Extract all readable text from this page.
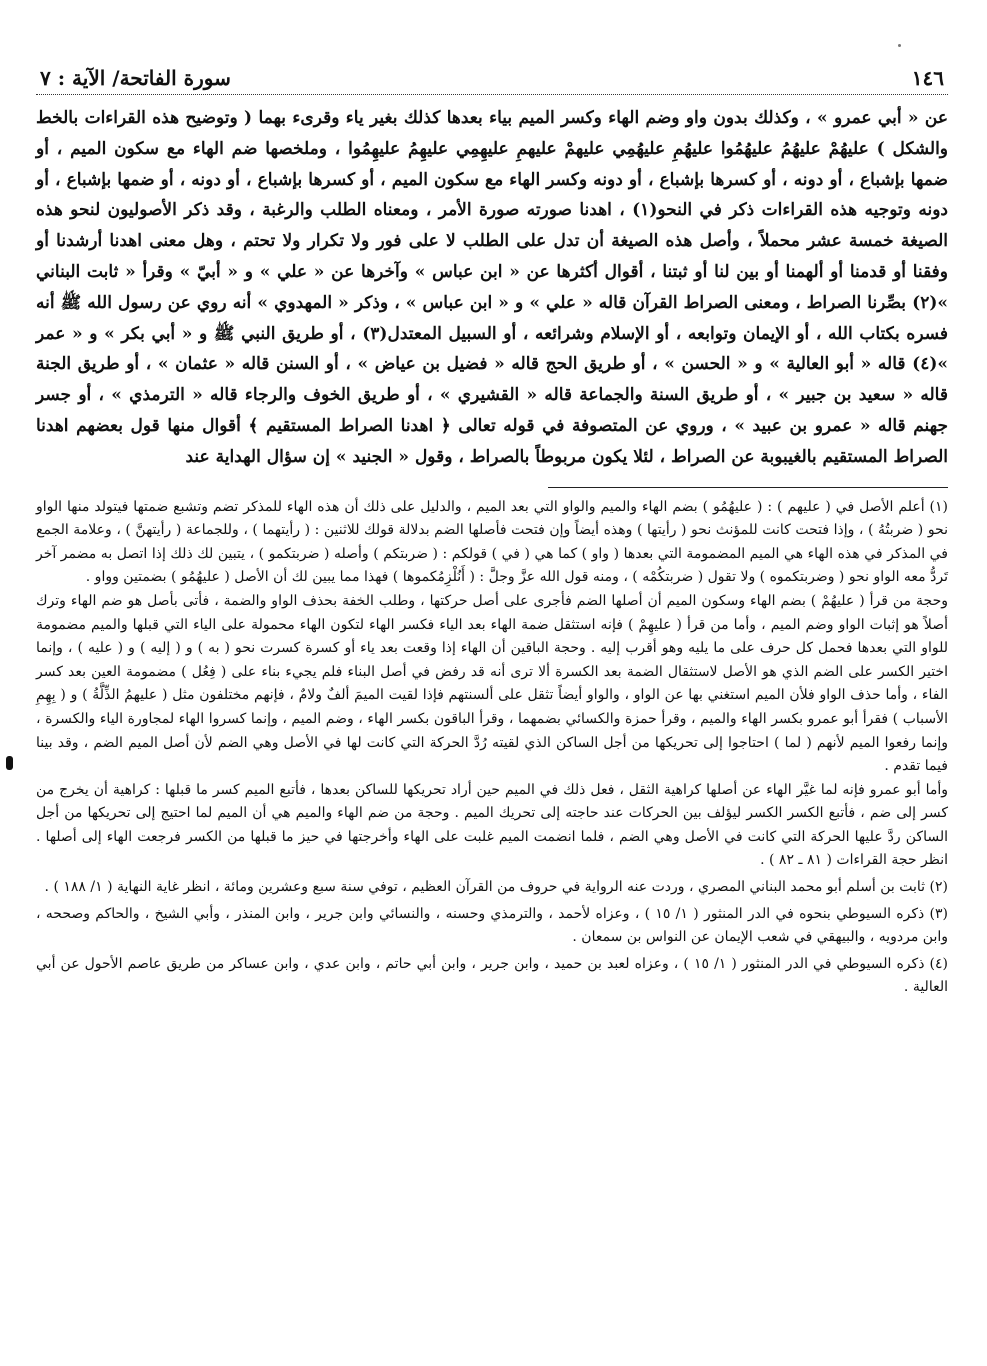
١٤٦
سورة الفاتحة/ الآية : ٧

عن « أبي عمرو » ، وكذلك بدون واو وضم الهاء وكسر الميم بياء بعدها كذلك بغير ياء وقرىء بهما ( وتوضيح هذه القراءات بالخط والشكل ) عليهُمْ عليهُمُ عليهُمُوا عليهُمِ عليهُمِي عليهمْ عليهمِ عليهِمِي عليهِمُ عليهِمُوا ، وملخصها ضم الهاء مع سكون الميم ، أو ضمها بإشباع ، أو دونه ، أو كسرها بإشباع ، أو دونه وكسر الهاء مع سكون الميم ، أو كسرها بإشباع ، أو دونه ، أو ضمها بإشباع ، أو دونه وتوجيه هذه القراءات ذكر في النحو(١) ، اهدنا صورته صورة الأمر ، ومعناه الطلب والرغبة ، وقد ذكر الأصوليون لنحو هذه الصيغة خمسة عشر محملاً ، وأصل هذه الصيغة أن تدل على الطلب لا على فور ولا تكرار ولا تحتم ، وهل معنى اهدنا أرشدنا أو وفقنا أو قدمنا أو ألهمنا أو بين لنا أو ثبتنا ، أقوال أكثرها عن « ابن عباس » وآخرها عن « علي » و « أبيّ » وقرأ « ثابت البناني »(٢) بصِّرنا الصراط ، ومعنى الصراط القرآن قاله « علي » و « ابن عباس » ، وذكر « المهدوي » أنه روي عن رسول الله ﷺ أنه فسره بكتاب الله ، أو الإيمان وتوابعه ، أو الإسلام وشرائعه ، أو السبيل المعتدل(٣) ، أو طريق النبي ﷺ و « أبي بكر » و « عمر »(٤) قاله « أبو العالية » و « الحسن » ، أو طريق الحج قاله « فضيل بن عياض » ، أو السنن قاله « عثمان » ، أو طريق الجنة قاله « سعيد بن جبير » ، أو طريق السنة والجماعة قاله « القشيري » ، أو طريق الخوف والرجاء قاله « الترمذي » ، أو جسر جهنم قاله « عمرو بن عبيد » ، وروي عن المتصوفة في قوله تعالى ﴿ اهدنا الصراط المستقيم ﴾ أقوال منها قول بعضهم اهدنا الصراط المستقيم بالغيبوبة عن الصراط ، لئلا يكون مربوطاً بالصراط ، وقول « الجنيد » إن سؤال الهداية عند

(١) أعلم الأصل في ( عليهم ) : ( عليهُمُو ) بضم الهاء والميم والواو التي بعد الميم ، والدليل على ذلك أن هذه الهاء للمذكر تضم وتشبع ضمتها فيتولد منها الواو نحو ( ضربتُهُ ) ، وإذا فتحت كانت للمؤنث نحو ( رأيتها ) وهذه أيضاً وإن فتحت فأصلها الضم بدلالة قولك للاثنين : ( رأيتهما ) ، وللجماعة ( رأيتهنَّ ) ، وعلامة الجمع في المذكر في هذه الهاء هي الميم المضمومة التي بعدها ( واو ) كما هي ( في ) قولكم : ( ضربتكم ) وأصله ( ضربتكمو ) ، يتبين لك ذلك إذا اتصل به مضمر آخر تَردُّ معه الواو نحو ( وضربتكموه ) ولا تقول ( ضربتكُمْه ) ، ومنه قول الله عزَّ وجلَّ : ( أَنُلْزِمُكموها ) فهذا مما يبين لك أن الأصل ( عليهُمُو ) بضمتين وواو .

وحجة من قرأ ( عليهُمْ ) بضم الهاء وسكون الميم أن أصلها الضم فأجرى على أصل حركتها ، وطلب الخفة بحذف الواو والضمة ، فأتى بأصل هو ضم الهاء وترك أصلاً هو إثبات الواو وضم الميم ، وأما من قرأ ( عليهِمْ ) فإنه استثقل ضمة الهاء بعد الياء فكسر الهاء لتكون الهاء محمولة على الياء التي قبلها والميم مضمومة للواو التي بعدها فحمل كل حرف على ما يليه وهو أقرب إليه . وحجة الباقين أن الهاء إذا وقعت بعد ياء أو كسرة كسرت نحو ( به ) و ( إليه ) و ( عليه ) ، وإنما اختير الكسر على الضم الذي هو الأصل لاستثقال الضمة بعد الكسرة ألا ترى أنه قد رفض في أصل البناء فلم يجيء بناء على ( فِعُل ) مضمومة العين بعد كسر الفاء ، وأما حذف الواو فلأن الميم استغني بها عن الواو ، والواو أيضاً تثقل على ألسنتهم فإذا لقيت الميمَ ألفٌ ولامٌ ، فإنهم مختلفون مثل ( عليهمُ الذِّلَّةُ ) و ( بِهِمِ الأسباب ) فقرأ أبو عمرو بكسر الهاء والميم ، وقرأ حمزة والكسائي بضمهما ، وقرأ الباقون بكسر الهاء ، وضم الميم ، وإنما كسروا الهاء لمجاورة الياء والكسرة ، وإنما رفعوا الميم لأنهم ( لما ) احتاجوا إلى تحريكها من أجل الساكن الذي لقيته رُدَّ الحركة التي كانت لها في الأصل وهي الضم لأن أصل الميم الضم ، وقد بينا فيما تقدم .

وأما أبو عمرو فإنه لما غيَّر الهاء عن أصلها كراهية الثقل ، فعل ذلك في الميم حين أراد تحريكها للساكن بعدها ، فأتبع الميم كسر ما قبلها : كراهية أن يخرج من كسر إلى ضم ، فأتبع الكسر الكسر ليؤلف بين الحركات عند حاجته إلى تحريك الميم . وحجة من ضم الهاء والميم هي أن الميم لما احتيج إلى تحريكها من أجل الساكن ردَّ عليها الحركة التي كانت في الأصل وهي الضم ، فلما انضمت الميم غلبت على الهاء وأخرجتها في حيز ما قبلها من الكسر فرجعت الهاء إلى أصلها . انظر حجة القراءات ( ٨١ ـ ٨٢ ) .

(٢) ثابت بن أسلم أبو محمد البناني المصري ، وردت عنه الرواية في حروف من القرآن العظيم ، توفي سنة سبع وعشرين ومائة ، انظر غاية النهاية ( ١/ ١٨٨ ) .

(٣) ذكره السيوطي بنحوه في الدر المنثور ( ١/ ١٥ ) ، وعزاه لأحمد ، والترمذي وحسنه ، والنسائي وابن جرير ، وابن المنذر ، وأبي الشيخ ، والحاكم وصححه ، وابن مردويه ، والبيهقي في شعب الإيمان عن النواس بن سمعان .

(٤) ذكره السيوطي في الدر المنثور ( ١/ ١٥ ) ، وعزاه لعبد بن حميد ، وابن جرير ، وابن أبي حاتم ، وابن عدي ، وابن عساكر من طريق عاصم الأحول عن أبي العالية .
